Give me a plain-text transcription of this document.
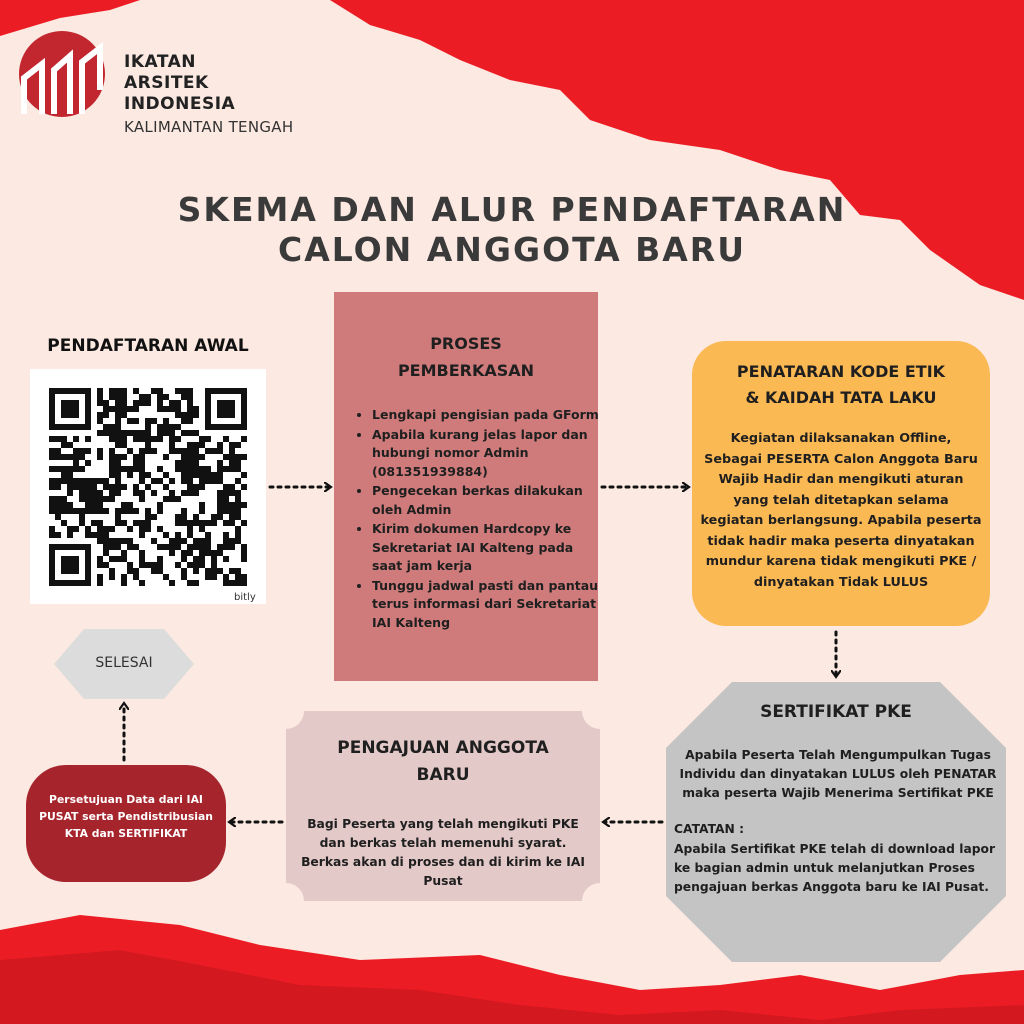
IKATAN
ARSITEK
INDONESIA
KALIMANTAN TENGAH
SKEMA DAN ALUR PENDAFTARAN
CALON ANGGOTA BARU
PENDAFTARAN AWAL
bitly
PROSES
PEMBERKASAN
• Lengkapi pengisian pada GForm
• Apabila kurang jelas lapor dan hubungi nomor Admin (081351939884)
• Pengecekan berkas dilakukan oleh Admin
• Kirim dokumen Hardcopy ke Sekretariat IAI Kalteng pada saat jam kerja
• Tunggu jadwal pasti dan pantau terus informasi dari Sekretariat IAI Kalteng
PENATARAN KODE ETIK
& KAIDAH TATA LAKU

Kegiatan dilaksanakan Offline, Sebagai PESERTA Calon Anggota Baru Wajib Hadir dan mengikuti aturan yang telah ditetapkan selama kegiatan berlangsung. Apabila peserta tidak hadir maka peserta dinyatakan mundur karena tidak mengikuti PKE / dinyatakan Tidak LULUS

SERTIFIKAT PKE

Apabila Peserta Telah Mengumpulkan Tugas Individu dan dinyatakan LULUS oleh PENATAR maka peserta Wajib Menerima Sertifikat PKE

CATATAN :

Apabila Sertifikat PKE telah di download lapor ke bagian admin untuk melanjutkan Proses pengajuan berkas Anggota baru ke IAI Pusat.

PENGAJUAN ANGGOTA
BARU

Bagi Peserta yang telah mengikuti PKE dan berkas telah memenuhi syarat. Berkas akan di proses dan di kirim ke IAI Pusat

Persetujuan Data dari IAI PUSAT serta Pendistribusian KTA dan SERTIFIKAT

SELESAI
